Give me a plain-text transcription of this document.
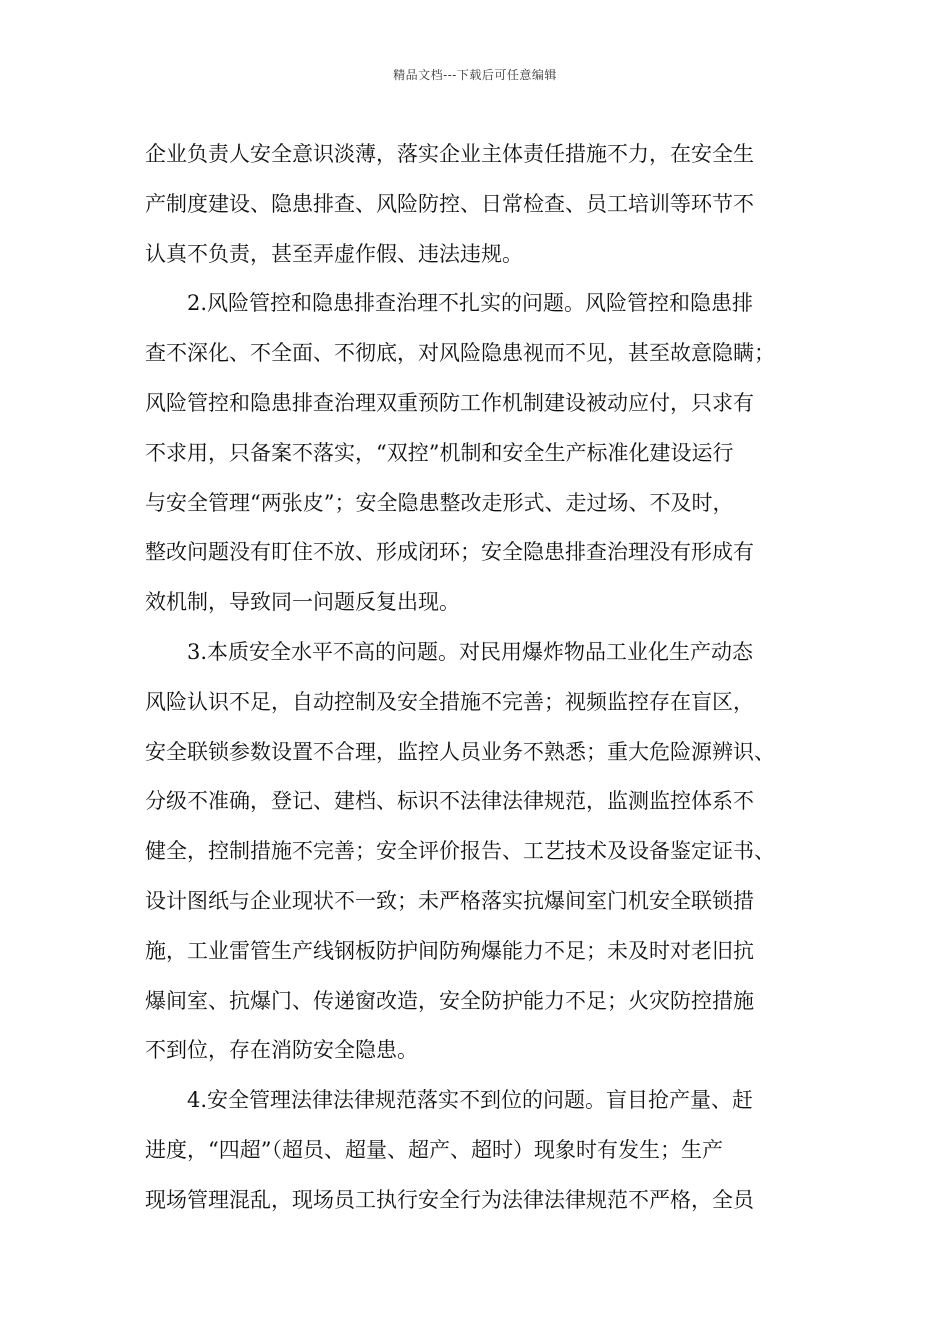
精品文档---下载后可任意编辑
企业负责人安全意识淡薄，落实企业主体责任措施不力，在安全生
产制度建设、隐患排查、风险防控、日常检查、员工培训等环节不
认真不负责，甚至弄虚作假、违法违规。
2.风险管控和隐患排查治理不扎实的问题。风险管控和隐患排
查不深化、不全面、不彻底，对风险隐患视而不见，甚至故意隐瞒；
风险管控和隐患排查治理双重预防工作机制建设被动应付，只求有
不求用，只备案不落实，“双控”机制和安全生产标准化建设运行
与安全管理“两张皮”；安全隐患整改走形式、走过场、不及时，
整改问题没有盯住不放、形成闭环；安全隐患排查治理没有形成有
效机制，导致同一问题反复出现。
3.本质安全水平不高的问题。对民用爆炸物品工业化生产动态
风险认识不足，自动控制及安全措施不完善；视频监控存在盲区，
安全联锁参数设置不合理，监控人员业务不熟悉；重大危险源辨识、
分级不准确，登记、建档、标识不法律法律规范，监测监控体系不
健全，控制措施不完善；安全评价报告、工艺技术及设备鉴定证书、
设计图纸与企业现状不一致；未严格落实抗爆间室门机安全联锁措
施，工业雷管生产线钢板防护间防殉爆能力不足；未及时对老旧抗
爆间室、抗爆门、传递窗改造，安全防护能力不足；火灾防控措施
不到位，存在消防安全隐患。
4.安全管理法律法律规范落实不到位的问题。盲目抢产量、赶
进度，“四超”（超员、超量、超产、超时）现象时有发生；生产
现场管理混乱，现场员工执行安全行为法律法律规范不严格，全员
